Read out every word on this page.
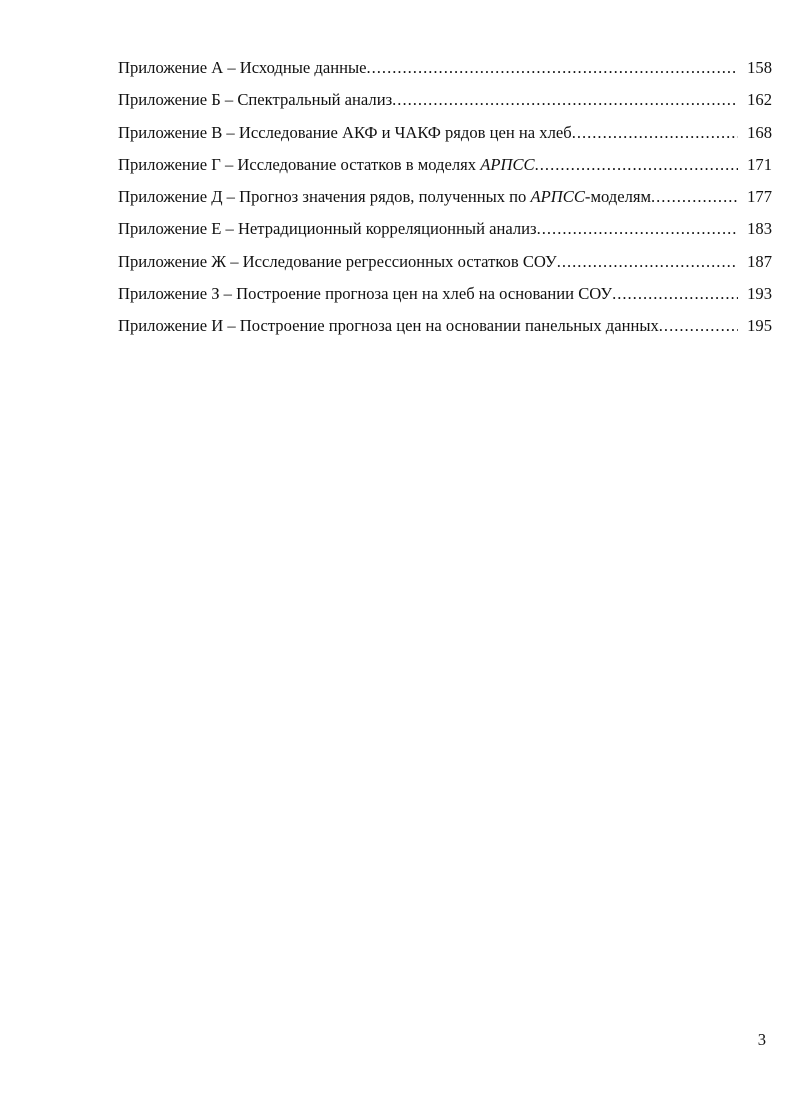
Приложение А – Исходные данные .....	158
Приложение Б – Спектральный анализ .....	162
Приложение В – Исследование АКФ и ЧАКФ рядов цен на хлеб .....	168
Приложение Г – Исследование остатков в моделях АРПСС .....	171
Приложение Д – Прогноз значения рядов, полученных по АРПСС-моделям .....	177
Приложение Е – Нетрадиционный корреляционный анализ .....	183
Приложение Ж – Исследование регрессионных остатков СОУ .....	187
Приложение З – Построение прогноза цен на хлеб на основании СОУ .....	193
Приложение И – Построение прогноза цен на основании панельных данных .....	195
3
